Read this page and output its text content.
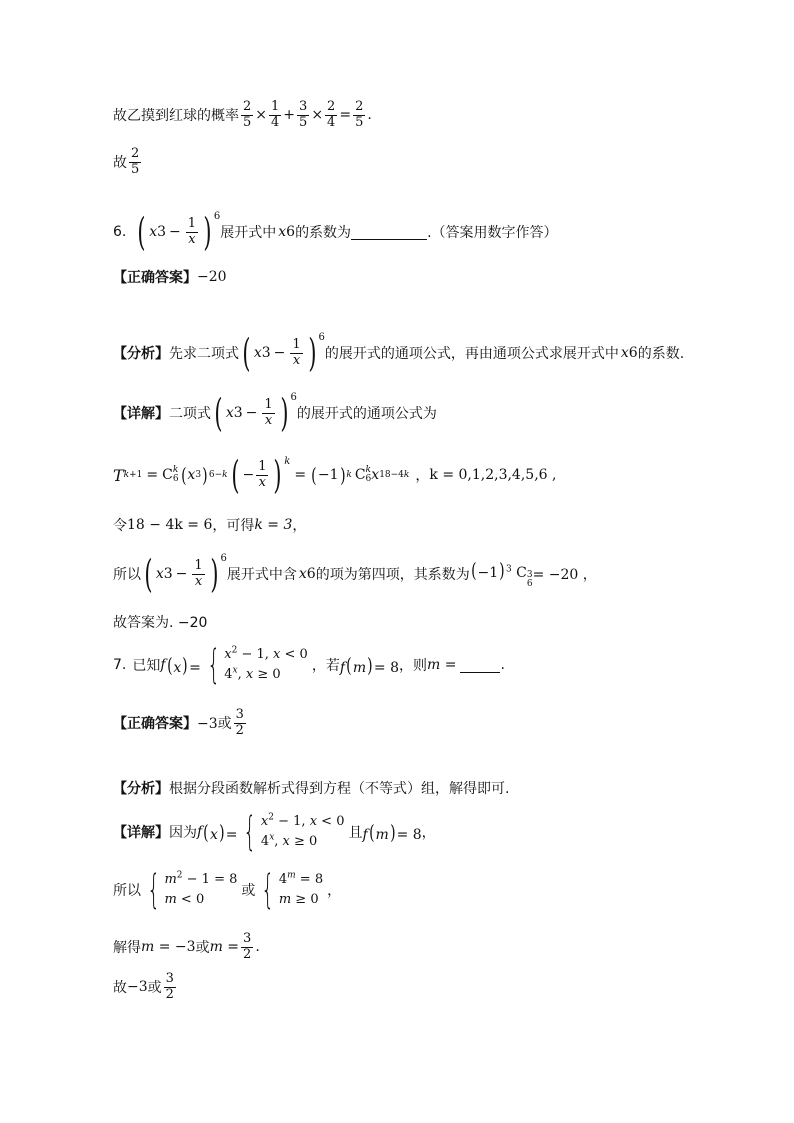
故乙摸到红球的概率 $\frac{2}{5} \times \frac{1}{4} + \frac{3}{5} \times \frac{2}{4} = \frac{2}{5}$ .
故 $\frac{2}{5}$
6. ( x $3 - \frac{1}{x}$ ) 6
展开式中 x 6 的系数为	.（答案用数字作答）
【正确答案】 −20
【分析】 先求二项式 ( x $3 - \frac{1}{x}$ ) 6
的展开式的通项公式，再由通项公式求展开式中 x 6 的系数.
【详解】 二项式 ( x $3 - \frac{1}{x}$ ) 6
的展开式的通项公式为
T k +1 = C k
6 ( x 3 ) 6−k ( − $\frac{1}{x}$ ) k
= ( −1 ) k C k
6 x 18−4k ， k = 0,1,2,3,4,5,6 ,
令 18 − 4k = 6 ，可得 k = 3 ，
所以 ( x $3 - \frac{1}{x}$ ) 6
展开式中含 x 6 的项为第四项，其系数为 $(-1)^3$ C 3
6
= −20 ，
故答案为. −20
7. 已知 f (x)= { $x^2 - 1$, x < 0
4$^x$, x ≥ 0
，若 f(m)= 8 ，则 m =	.
【正确答案】 −3或 $\frac{3}{2}$
【分析】 根据分段函数解析式得到方程（不等式）组，解得即可.
【详解】 因为 f (x)= { $x^2 - 1$, x < 0
4$^x$, x ≥ 0
且 f(m)= 8 ，
所以 { $m^2 - 1 = 8$
m < 0
或 { $4^m = 8$
m ≥ 0
，
解得 m = −3 或 $m = \frac{3}{2}$ .
故 −3 或 $\frac{3}{2}$
